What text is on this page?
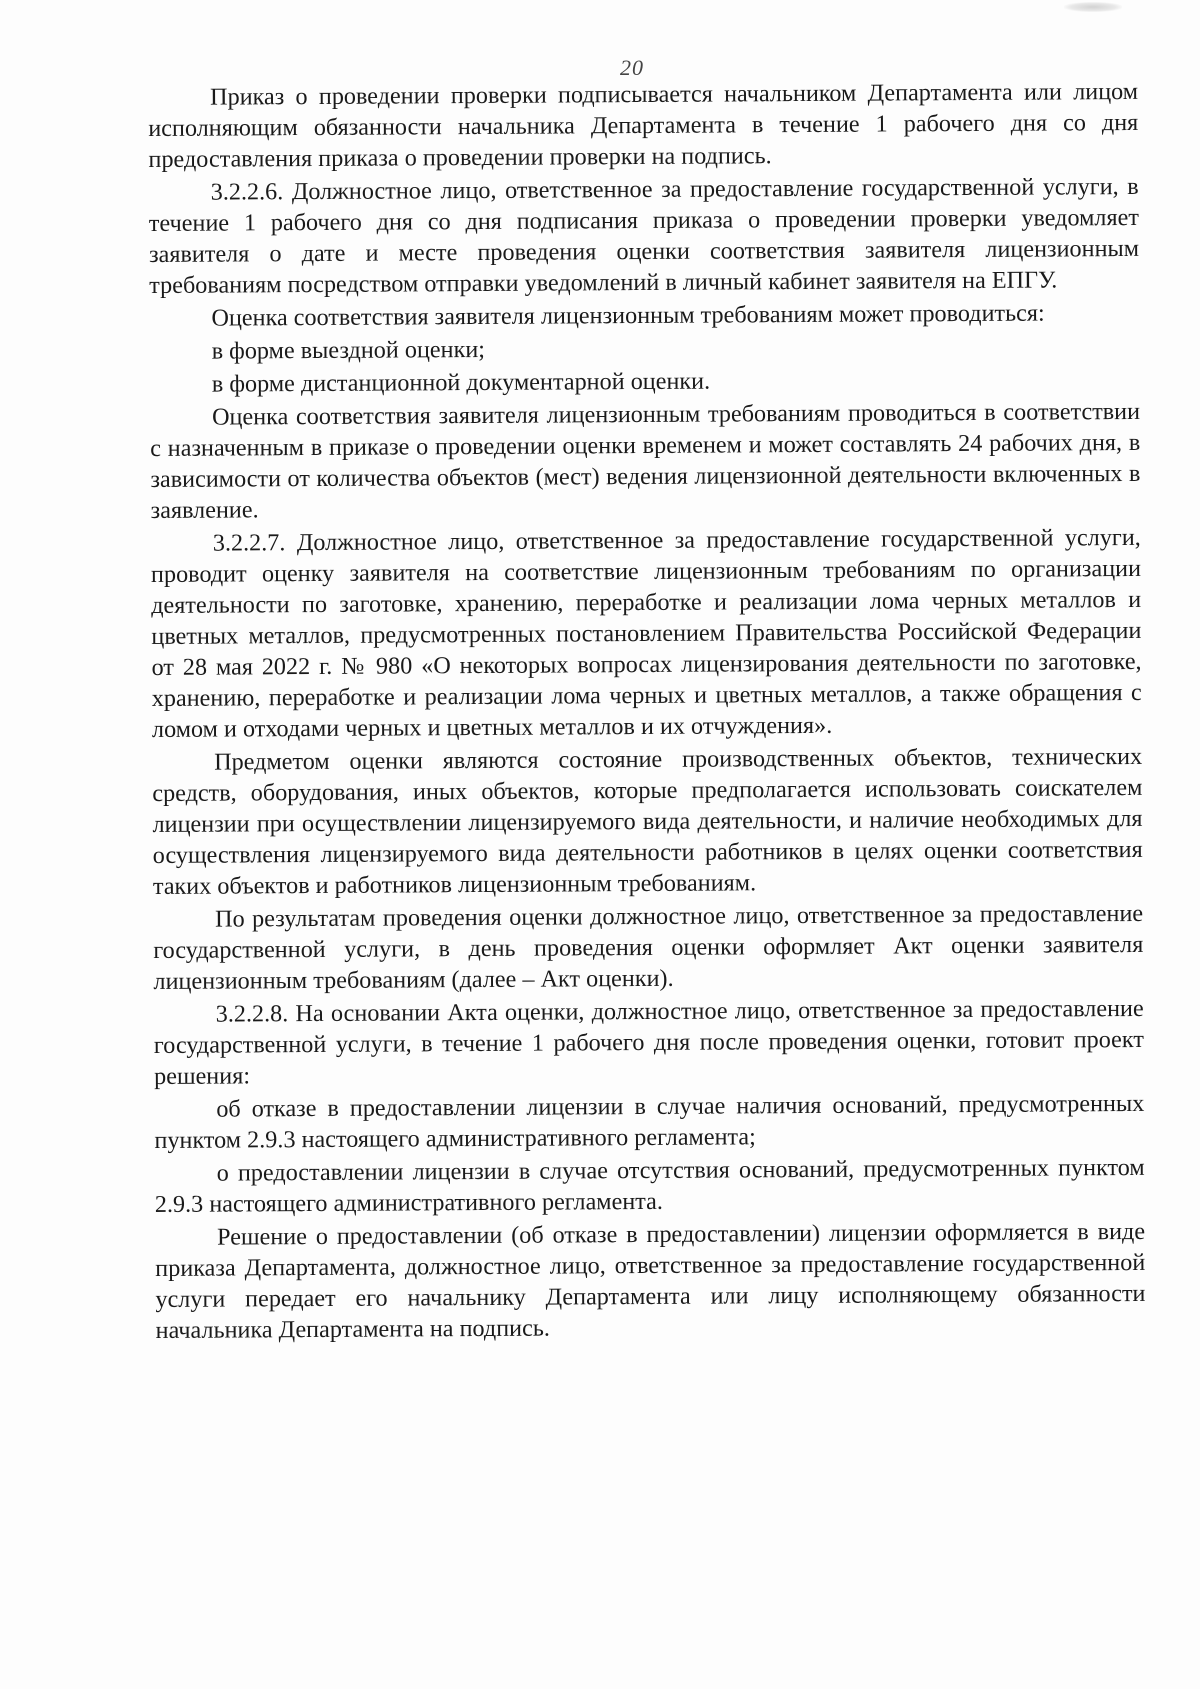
20

Приказ о проведении проверки подписывается начальником Департамента или лицом исполняющим обязанности начальника Департамента в течение 1 рабочего дня со дня предоставления приказа о проведении проверки на подпись.

3.2.2.6. Должностное лицо, ответственное за предоставление государственной услуги, в течение 1 рабочего дня со дня подписания приказа о проведении проверки уведомляет заявителя о дате и месте проведения оценки соответствия заявителя лицензионным требованиям посредством отправки уведомлений в личный кабинет заявителя на ЕПГУ.

Оценка соответствия заявителя лицензионным требованиям может проводиться:

в форме выездной оценки;

в форме дистанционной документарной оценки.

Оценка соответствия заявителя лицензионным требованиям проводиться в соответствии с назначенным в приказе о проведении оценки временем и может составлять 24 рабочих дня, в зависимости от количества объектов (мест) ведения лицензионной деятельности включенных в заявление.

3.2.2.7. Должностное лицо, ответственное за предоставление государственной услуги, проводит оценку заявителя на соответствие лицензионным требованиям по организации деятельности по заготовке, хранению, переработке и реализации лома черных металлов и цветных металлов, предусмотренных постановлением Правительства Российской Федерации от 28 мая 2022 г. № 980 «О некоторых вопросах лицензирования деятельности по заготовке, хранению, переработке и реализации лома черных и цветных металлов, а также обращения с ломом и отходами черных и цветных металлов и их отчуждения».

Предметом оценки являются состояние производственных объектов, технических средств, оборудования, иных объектов, которые предполагается использовать соискателем лицензии при осуществлении лицензируемого вида деятельности, и наличие необходимых для осуществления лицензируемого вида деятельности работников в целях оценки соответствия таких объектов и работников лицензионным требованиям.

По результатам проведения оценки должностное лицо, ответственное за предоставление государственной услуги, в день проведения оценки оформляет Акт оценки заявителя лицензионным требованиям (далее – Акт оценки).

3.2.2.8. На основании Акта оценки, должностное лицо, ответственное за предоставление государственной услуги, в течение 1 рабочего дня после проведения оценки, готовит проект решения:

об отказе в предоставлении лицензии в случае наличия оснований, предусмотренных пунктом 2.9.3 настоящего административного регламента;

о предоставлении лицензии в случае отсутствия оснований, предусмотренных пунктом 2.9.3 настоящего административного регламента.

Решение о предоставлении (об отказе в предоставлении) лицензии оформляется в виде приказа Департамента, должностное лицо, ответственное за предоставление государственной услуги передает его начальнику Департамента или лицу исполняющему обязанности начальника Департамента на подпись.
